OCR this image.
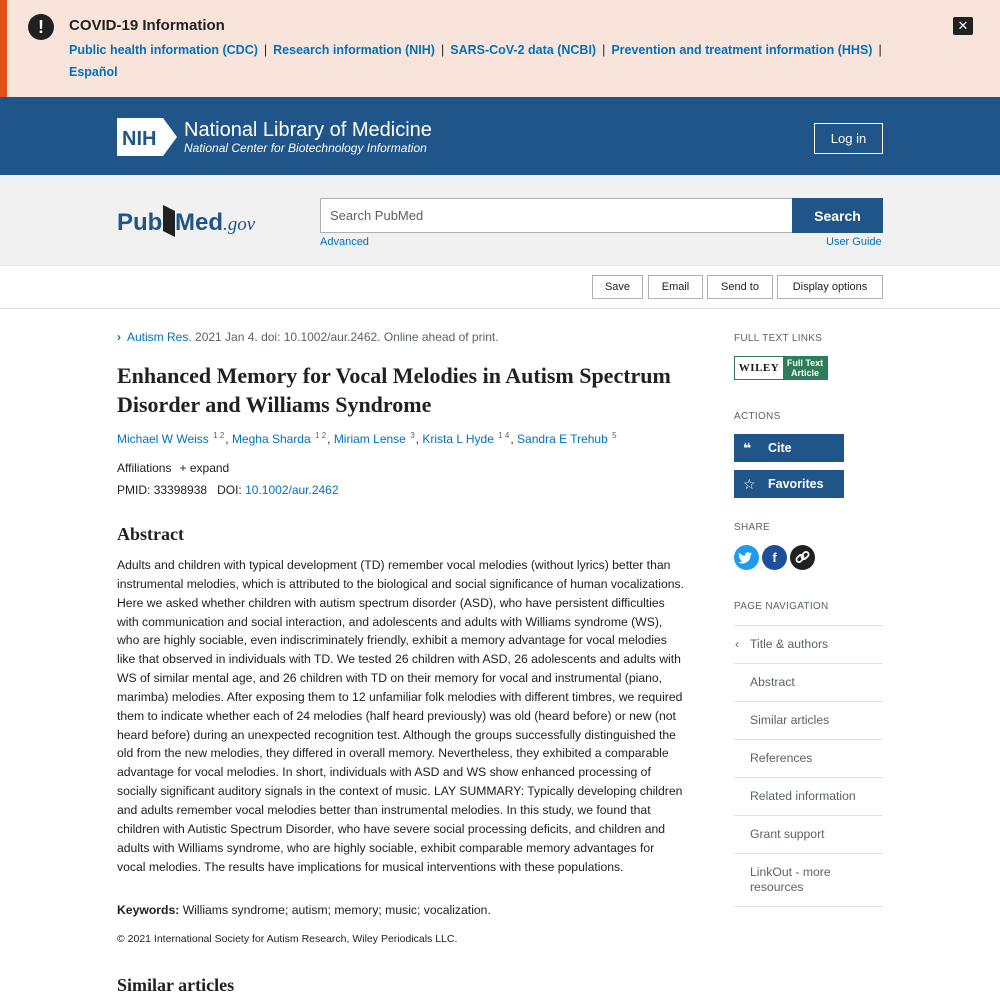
!	COVID-19 Information
Public health information (CDC) | Research information (NIH) | SARS-CoV-2 data (NCBI) | Prevention and treatment information (HHS) |
Español
✕
NIH National Library of Medicine
National Center for Biotechnology Information
Log in
Pub Med .gov
Search PubMed	Search
Advanced	User Guide
Save	Email	Send to	Display options
› Autism Res. 2021 Jan 4. doi: 10.1002/aur.2462. Online ahead of print.
Enhanced Memory for Vocal Melodies in Autism Spectrum Disorder and Williams Syndrome
Michael W Weiss $^{1 2}$, Megha Sharda $^{1 2}$, Miriam Lense $^3$, Krista L Hyde $^{1 4}$, Sandra E Trehub $^5$
Affiliations + expand
PMID: 33398938 DOI: 10.1002/aur.2462
Abstract

Adults and children with typical development (TD) remember vocal melodies (without lyrics) better than instrumental melodies, which is attributed to the biological and social significance of human vocalizations. Here we asked whether children with autism spectrum disorder (ASD), who have persistent difficulties with communication and social interaction, and adolescents and adults with Williams syndrome (WS), who are highly sociable, even indiscriminately friendly, exhibit a memory advantage for vocal melodies like that observed in individuals with TD. We tested 26 children with ASD, 26 adolescents and adults with WS of similar mental age, and 26 children with TD on their memory for vocal and instrumental (piano, marimba) melodies. After exposing them to 12 unfamiliar folk melodies with different timbres, we required them to indicate whether each of 24 melodies (half heard previously) was old (heard before) or new (not heard before) during an unexpected recognition test. Although the groups successfully distinguished the old from the new melodies, they differed in overall memory. Nevertheless, they exhibited a comparable advantage for vocal melodies. In short, individuals with ASD and WS show enhanced processing of socially significant auditory signals in the context of music. LAY SUMMARY: Typically developing children and adults remember vocal melodies better than instrumental melodies. In this study, we found that children with Autistic Spectrum Disorder, who have severe social processing deficits, and children and adults with Williams syndrome, who are highly sociable, exhibit comparable memory advantages for vocal melodies. The results have implications for musical interventions with these populations.

Keywords: Williams syndrome; autism; memory; music; vocalization.
© 2021 International Society for Autism Research, Wiley Periodicals LLC.
Similar articles
FULL TEXT LINKS
WILEY Full Text
Article
ACTIONS
❝ Cite
☆ Favorites
SHARE
f
PAGE NAVIGATION
‹ Title & authors
Abstract
Similar articles
References
Related information
Grant support
LinkOut - more resources
